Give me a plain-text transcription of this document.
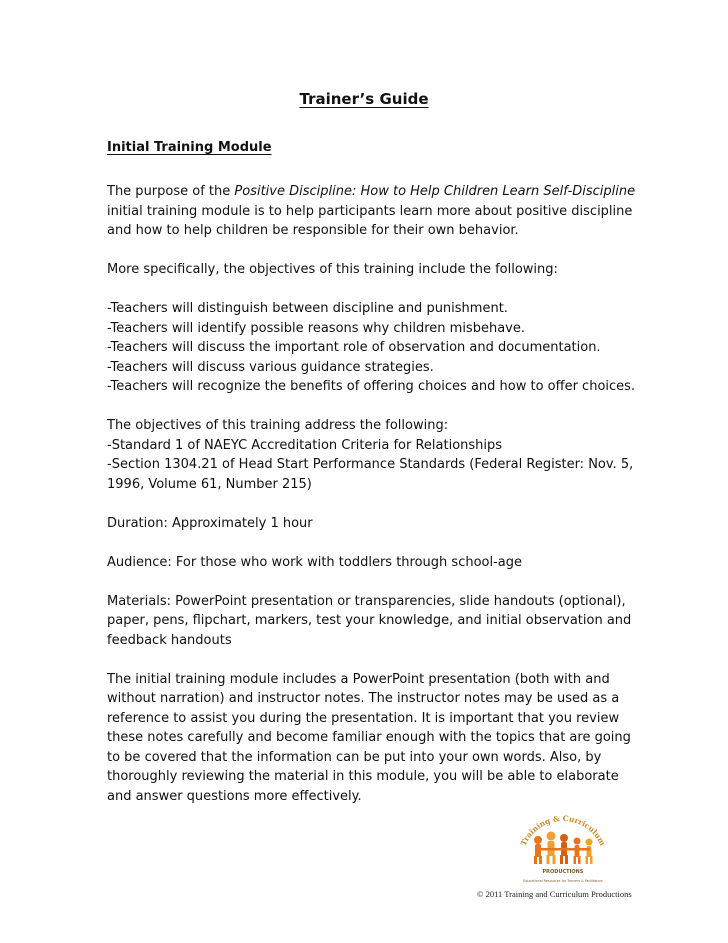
Trainer’s Guide
Initial Training Module

The purpose of the Positive Discipline: How to Help Children Learn Self-Discipline initial training module is to help participants learn more about positive discipline and how to help children be responsible for their own behavior.

More specifically, the objectives of this training include the following:

-Teachers will distinguish between discipline and punishment.
-Teachers will identify possible reasons why children misbehave.
-Teachers will discuss the important role of observation and documentation.
-Teachers will discuss various guidance strategies.
-Teachers will recognize the benefits of offering choices and how to offer choices.
The objectives of this training address the following:
-Standard 1 of NAEYC Accreditation Criteria for Relationships
-Section 1304.21 of Head Start Performance Standards (Federal Register: Nov. 5, 1996, Volume 61, Number 215)

Duration: Approximately 1 hour

Audience: For those who work with toddlers through school-age

Materials: PowerPoint presentation or transparencies, slide handouts (optional), paper, pens, flipchart, markers, test your knowledge, and initial observation and feedback handouts

The initial training module includes a PowerPoint presentation (both with and without narration) and instructor notes. The instructor notes may be used as a reference to assist you during the presentation. It is important that you review these notes carefully and become familiar enough with the topics that are going to be covered that the information can be put into your own words. Also, by thoroughly reviewing the material in this module, you will be able to elaborate and answer questions more effectively.

Training & Curriculum
PRODUCTIONS
Educational Resources for Trainers & Facilitators
© 2011 Training and Curriculum Productions
